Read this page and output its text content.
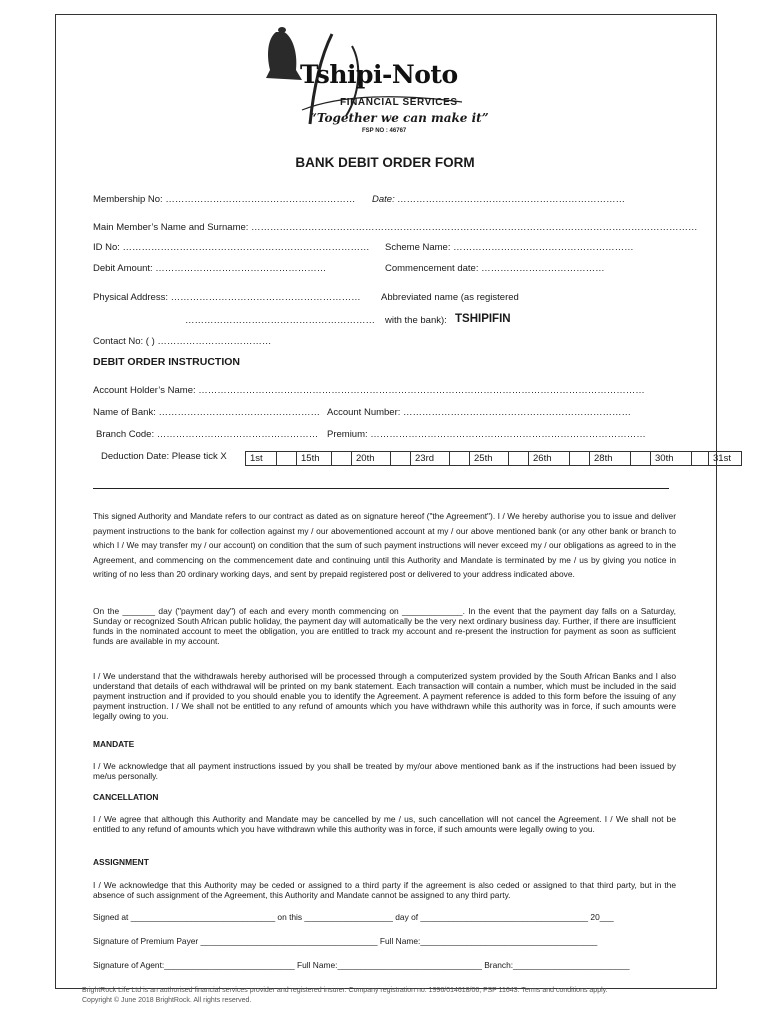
Tshipi-Noto
FINANCIAL SERVICES
“Together we can make it”
FSP NO : 46767
BANK DEBIT ORDER FORM
Membership No: …………………………………………………… Date: ………………………………………………………………
Main Member’s Name and Surname: ……………………………………………………………………………………………………………………………
ID No: …………………………………………………………………… Scheme Name: …………………………………………………
Debit Amount: ………………………………………………	Commencement date: …………………………………
Physical Address: …………………………………………………… Abbreviated name (as registered
…………………………………………………… with the bank): TSHIPIFIN
Contact No: ( ) ………………………………
DEBIT ORDER INSTRUCTION
Account Holder’s Name: ……………………………………………………………………………………………………………………………
Name of Bank: …………………………………………… Account Number: ………………………………………………………………
Branch Code: …………………………………………… Premium: ……………………………………………………………………………
Deduction Date: Please tick X	1st	15th	20th	23rd	25th	26th	28th	30th	31st
This signed Authority and Mandate refers to our contract as dated as on signature hereof ("the Agreement"). I / We hereby authorise you to issue and deliver payment instructions to the bank for collection against my / our abovementioned account at my / our above mentioned bank (or any other bank or branch to which I / We may transfer my / our account) on condition that the sum of such payment instructions will never exceed my / our obligations as agreed to in the Agreement, and commencing on the commencement date and continuing until this Authority and Mandate is terminated by me / us by giving you notice in writing of no less than 20 ordinary working days, and sent by prepaid registered post or delivered to your address indicated above.
On the _______ day ("payment day") of each and every month commencing on _____________. In the event that the payment day falls on a Saturday, Sunday or recognized South African public holiday, the payment day will automatically be the very next ordinary business day. Further, if there are insufficient funds in the nominated account to meet the obligation, you are entitled to track my account and re-present the instruction for payment as soon as sufficient funds are available in my account.
I / We understand that the withdrawals hereby authorised will be processed through a computerized system provided by the South African Banks and I also understand that details of each withdrawal will be printed on my bank statement. Each transaction will contain a number, which must be included in the said payment instruction and if provided to you should enable you to identify the Agreement. A payment reference is added to this form before the issuing of any payment instruction. I / We shall not be entitled to any refund of amounts which you have withdrawn while this authority was in force, if such amounts were legally owing to you.
MANDATE
I / We acknowledge that all payment instructions issued by you shall be treated by my/our above mentioned bank as if the instructions had been issued by me/us personally.
CANCELLATION
I / We agree that although this Authority and Mandate may be cancelled by me / us, such cancellation will not cancel the Agreement. I / We shall not be entitled to any refund of amounts which you have withdrawn while this authority was in force, if such amounts were legally owing to you.
ASSIGNMENT
I / We acknowledge that this Authority may be ceded or assigned to a third party if the agreement is also ceded or assigned to that third party, but in the absence of such assignment of the Agreement, this Authority and Mandate cannot be assigned to any third party.
Signed at _______________________________ on this ___________________ day of ____________________________________ 20___
Signature of Premium Payer ______________________________________ Full Name:______________________________________
Signature of Agent:____________________________ Full Name:_______________________________ Branch:_________________________
BrightRock Life Ltd is an authorised financial services provider and registered insurer. Company registration no: 1996/014618/06, FSP 11643. Terms and conditions apply.
Copyright © June 2018 BrightRock. All rights reserved.
